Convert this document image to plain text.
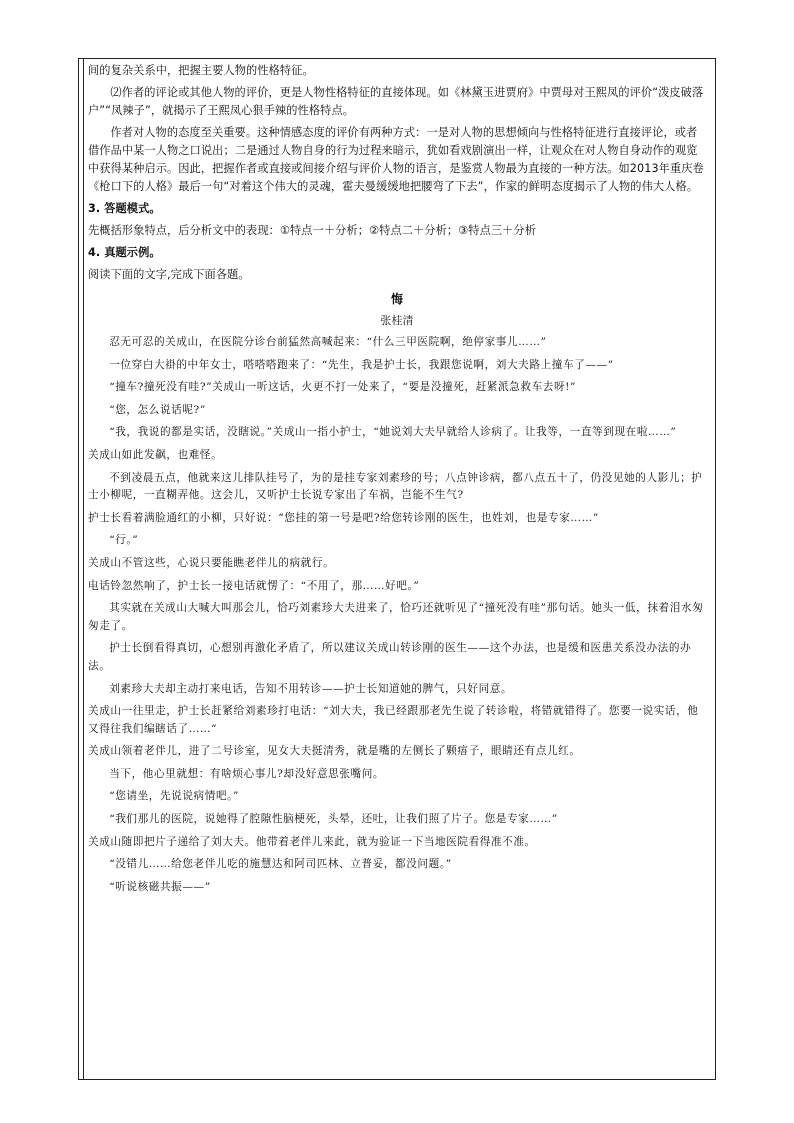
间的复杂关系中，把握主要人物的性格特征。

⑵作者的评论或其他人物的评价，更是人物性格特征的直接体现。如《林黛玉进贾府》中贾母对王熙凤的评价“泼皮破落户”“凤辣子”，就揭示了王熙凤心狠手辣的性格特点。

作者对人物的态度至关重要。这种情感态度的评价有两种方式：一是对人物的思想倾向与性格特征进行直接评论，或者借作品中某一人物之口说出；二是通过人物自身的行为过程来暗示，犹如看戏剧演出一样，让观众在对人物自身动作的观览中获得某种启示。因此，把握作者或直接或间接介绍与评价人物的语言，是鉴赏人物最为直接的一种方法。如2013年重庆卷《枪口下的人格》最后一句“对着这个伟大的灵魂，霍夫曼缓缓地把腰弯了下去”，作家的鲜明态度揭示了人物的伟大人格。

3. 答题模式。

先概括形象特点，后分析文中的表现：①特点一＋分析；②特点二＋分析；③特点三＋分析

4. 真题示例。

阅读下面的文字,完成下面各题。

悔

张桂清

忍无可忍的关成山，在医院分诊台前猛然高喊起来：“什么三甲医院啊，绝停家事儿……”

一位穿白大褂的中年女士，嗒嗒嗒跑来了：“先生，我是护士长，我跟您说啊，刘大夫路上撞车了——”

“撞车?撞死没有哇?”关成山一听这话，火更不打一处来了，“要是没撞死，赶紧派急救车去呀!”

“您，怎么说话呢?”

“我，我说的都是实话，没瞎说。”关成山一指小护士，“她说刘大夫早就给人诊病了。让我等，一直等到现在啦……”

关成山如此发飙，也难怪。

不到凌晨五点，他就来这儿排队挂号了，为的是挂专家刘素珍的号；八点钟诊病，都八点五十了，仍没见她的人影儿；护士小柳呢，一直糊弄他。这会儿，又听护士长说专家出了车祸，岂能不生气?

护士长看着满脸通红的小柳，只好说：“您挂的第一号是吧?给您转诊刚的医生，也姓刘，也是专家……”

“行。”

关成山不管这些，心说只要能瞧老伴儿的病就行。

电话铃忽然响了，护士长一接电话就愣了：“不用了，那……好吧。”

其实就在关成山大喊大叫那会儿，恰巧刘素珍大夫进来了，恰巧还就听见了“撞死没有哇”那句话。她头一低，抹着泪水匆匆走了。

护士长倒看得真切，心想别再激化矛盾了，所以建议关成山转诊刚的医生——这个办法，也是缓和医患关系没办法的办法。

刘素珍大夫却主动打来电话，告知不用转诊——护士长知道她的脾气，只好同意。

关成山一往里走，护士长赶紧给刘素珍打电话：“刘大夫，我已经跟那老先生说了转诊啦，将错就错得了。您要一说实话，他又得往我们编瞎话了……”

关成山领着老伴儿，进了二号诊室，见女大夫挺清秀，就是嘴的左侧长了颗痦子，眼睛还有点儿红。

当下，他心里就想：有啥烦心事儿?却没好意思张嘴问。

“您请坐，先说说病情吧。”

“我们那儿的医院，说她得了腔隙性脑梗死，头晕，还吐，让我们照了片子。您是专家……”

关成山随即把片子递给了刘大夫。他带着老伴儿来此，就为验证一下当地医院看得准不准。

“没错儿……给您老伴儿吃的施慧达和阿司匹林、立普妥，都没问题。”

“听说核磁共振——”
